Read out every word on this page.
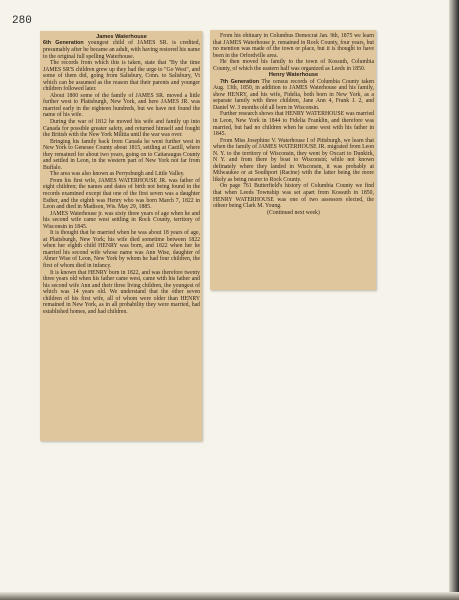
280
James Waterhouse

6th Generation youngest child of JAMES SR. is credited, presumably after he became an adult, with having restored his name to the original full spelling Waterhouse.

The records from which this is taken, state that "By the time JAMES SR'S children grew up they had the urge to "Go West", and some of them did, going from Salisbury, Conn. to Salisbury, Vt which can be assumed as the reason that their parents and younger children followed later.

About 1800 some of the family of JAMES SR. moved a little further west to Plattsburgh, New York, and here JAMES JR. was married early in the eighteen hundreds, but we have not found the name of his wife.

During the war of 1812 he moved his wife and family up into Canada for possible greater safety, and returned himself and fought the British with the New York Militia until the war was over.

Bringing his family back from Canada he went further west in New York to Genesee County about 1815, settling at Castill, where they remained for about two years, going on to Cattaraugus County and settled in Leon, in the western part of New York not far from Buffalo.

The area was also known as Perrysburgh and Little Valley.

From his first wife, JAMES WATERHOUSE JR. was father of eight children; the names and dates of birth not being found in the records examined except that one of the first seven was a daughter Esther, and the eighth was Henry who was born March 7, 1822 in Leon and died in Madison, Wis. May 29, 1885.

JAMES Waterhouse jr. was sixty three years of age when he and his second wife came west settling in Rock County, territory of Wisconsin in 1845.

It is thought that he married when he was about 18 years of age, at Plattsburgh, New York; his wife died sometime between 1822 when her eighth child HENRY was born, and 1822 when her he married his second wife whose name was Ann Wise, daughter of Abner Wise of Leon, New York by whom he had four children, the first of whom died in infancy.

It is known that HENRY born in 1822, and was therefore twenty three years old when his father came west, came with his father and his second wife Ann and their three living children, the youngest of which was 14 years old. We understand that the other seven children of his first wife, all of whom were older than HENRY remained in New York, as in all probability they were married, had established homes, and had children.

From his obituary in Columbus Democrat Jan. 9th, 1875 we learn that JAMES Waterhouse jr. remained in Rock County, four years, but no mention was made of the town or place, but it is thought to have been in the Orfordville area.

He then moved his family to the town of Kossuth, Columbia County, of which the eastern half was organized as Leeds in 1850.

Henry Waterhouse

7th Generation The census records of Columbia County taken Aug. 13th, 1850, in addition to JAMES Waterhouse and his family, show HENRY, and his wife, Fidelia, both born in New York, as a separate family with three children, Jane Ann 4, Frank J. 2, and Daniel W. 3 months old all born in Wisconsin.

Further research shows that HENRY WATERHOUSE was married in Leon, New York in 1844 to Fidelia Franklin, and therefore was married, but had no children when he came west with his father in 1845.

From Miss Josephine V. Waterhouse I of Pittsburgh, we learn that when the family of JAMES WATERHOUSE JR. migrated from Leon N. Y. to the territory of Wisconsin, they went by Oxcart to Dunkirk, N Y. and from there by boat to Wisconsin; while not known definately where they landed in Wisconsin, it was probably at Milwaukee or at Southport (Racine) with the latter being the more likely as being nearer to Rock County.

On page 761 Butterfield's history of Columbia County we find that when Leeds Township was set apart from Kossuth in 1850, HENRY WATERHOUSE was one of two assessors elected, the otheer being Clark M. Young.

(Continued next week)
